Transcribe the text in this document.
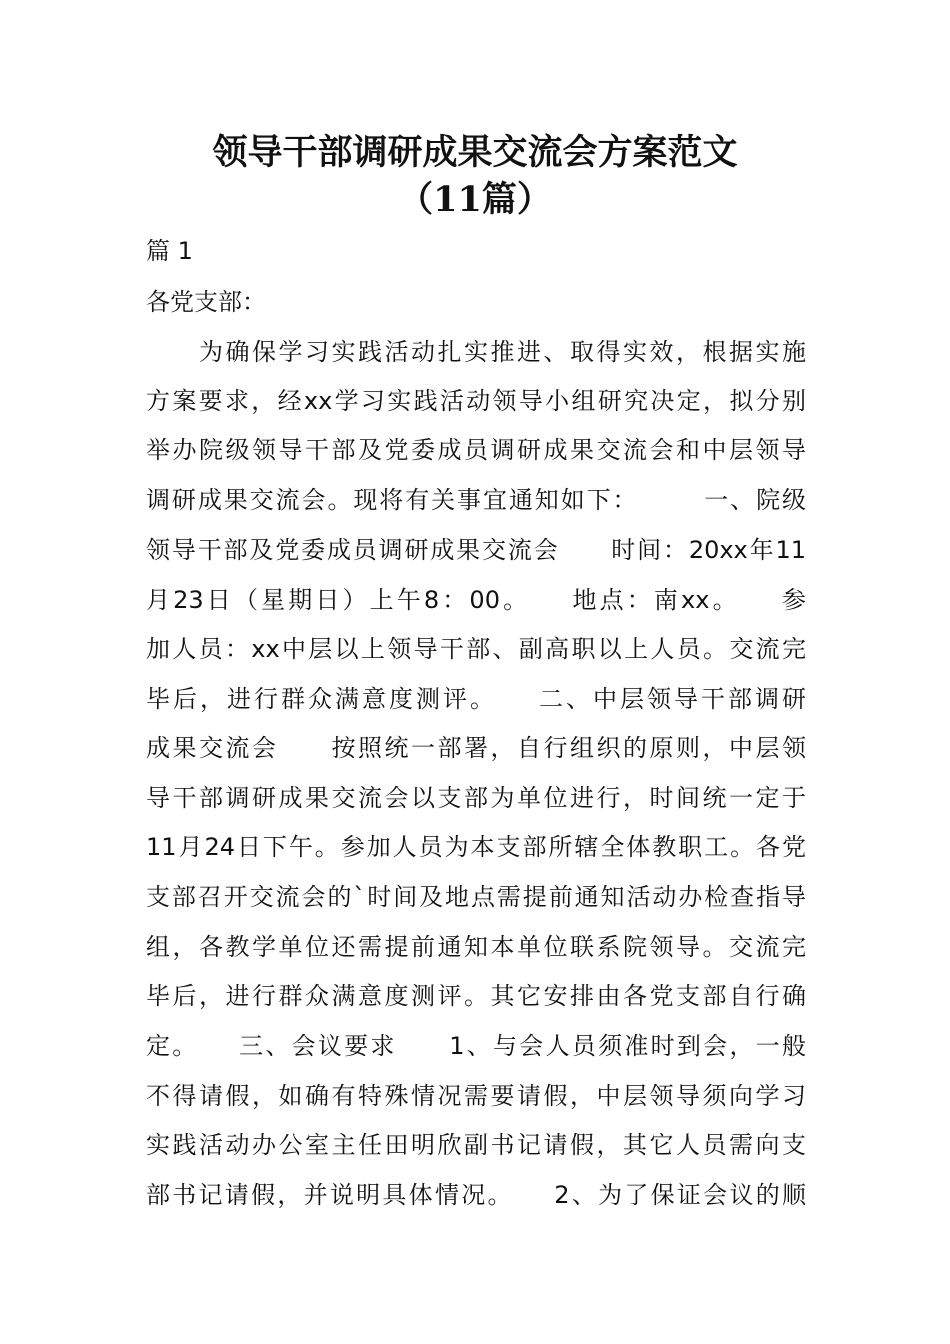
领导干部调研成果交流会方案范文
（11篇）

篇 1

各党支部：

　　为确保学习实践活动扎实推进、取得实效，根据实施

方案要求，经xx学习实践活动领导小组研究决定，拟分别

举办院级领导干部及党委成员调研成果交流会和中层领导

调研成果交流会。现将有关事宜通知如下：　　　一、院级

领导干部及党委成员调研成果交流会　　时间：20xx年11

月23日（星期日）上午8：00。　　地点：南xx。　　参

加人员：xx中层以上领导干部、副高职以上人员。交流完

毕后，进行群众满意度测评。　　二、中层领导干部调研

成果交流会　　按照统一部署，自行组织的原则，中层领

导干部调研成果交流会以支部为单位进行，时间统一定于

11月24日下午。参加人员为本支部所辖全体教职工。各党

支部召开交流会的`时间及地点需提前通知活动办检查指导

组，各教学单位还需提前通知本单位联系院领导。交流完

毕后，进行群众满意度测评。其它安排由各党支部自行确

定。　　三、会议要求　　1、与会人员须准时到会，一般

不得请假，如确有特殊情况需要请假，中层领导须向学习

实践活动办公室主任田明欣副书记请假，其它人员需向支

部书记请假，并说明具体情况。　　2、为了保证会议的顺
